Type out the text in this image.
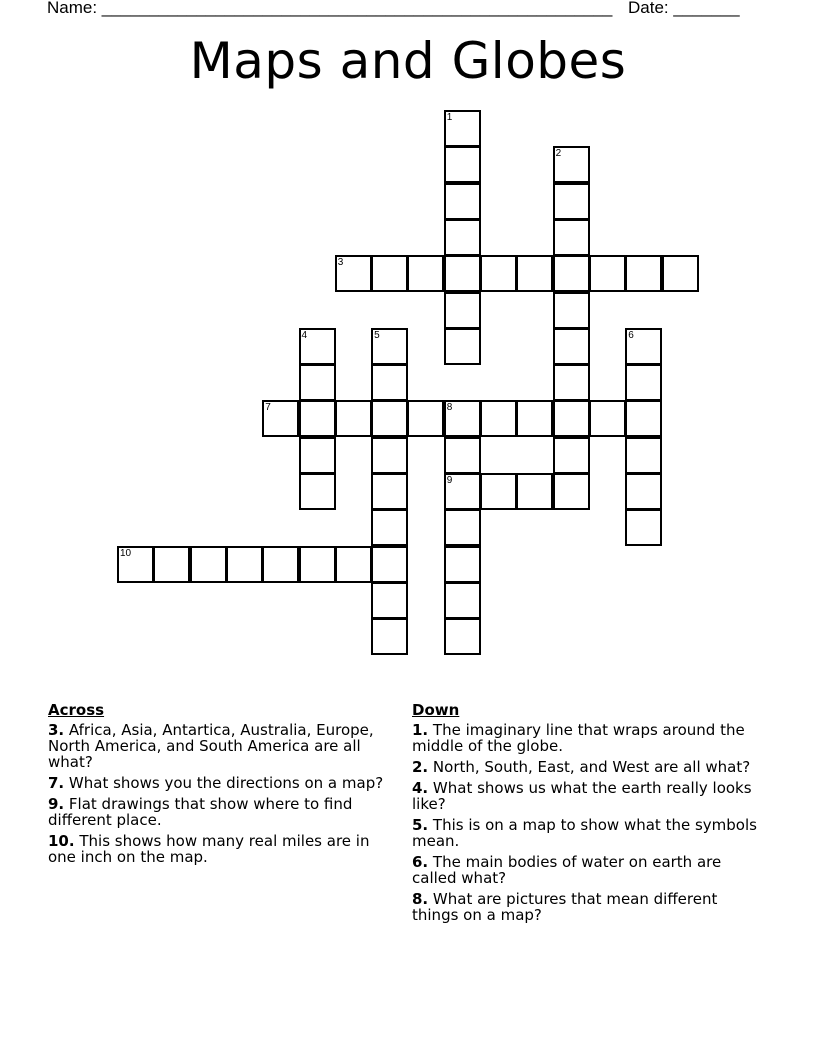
Name: ______________________________________________________ Date: _______
Maps and Globes
1
2
3
4	5	6
7	8
9
10
Across
3. Africa, Asia, Antartica, Australia, Europe, North America, and South America are all what?
7. What shows you the directions on a map?
9. Flat drawings that show where to find different place.
10. This shows how many real miles are in one inch on the map.
Down
1. The imaginary line that wraps around the middle of the globe.
2. North, South, East, and West are all what?
4. What shows us what the earth really looks like?
5. This is on a map to show what the symbols mean.
6. The main bodies of water on earth are called what?
8. What are pictures that mean different things on a map?
